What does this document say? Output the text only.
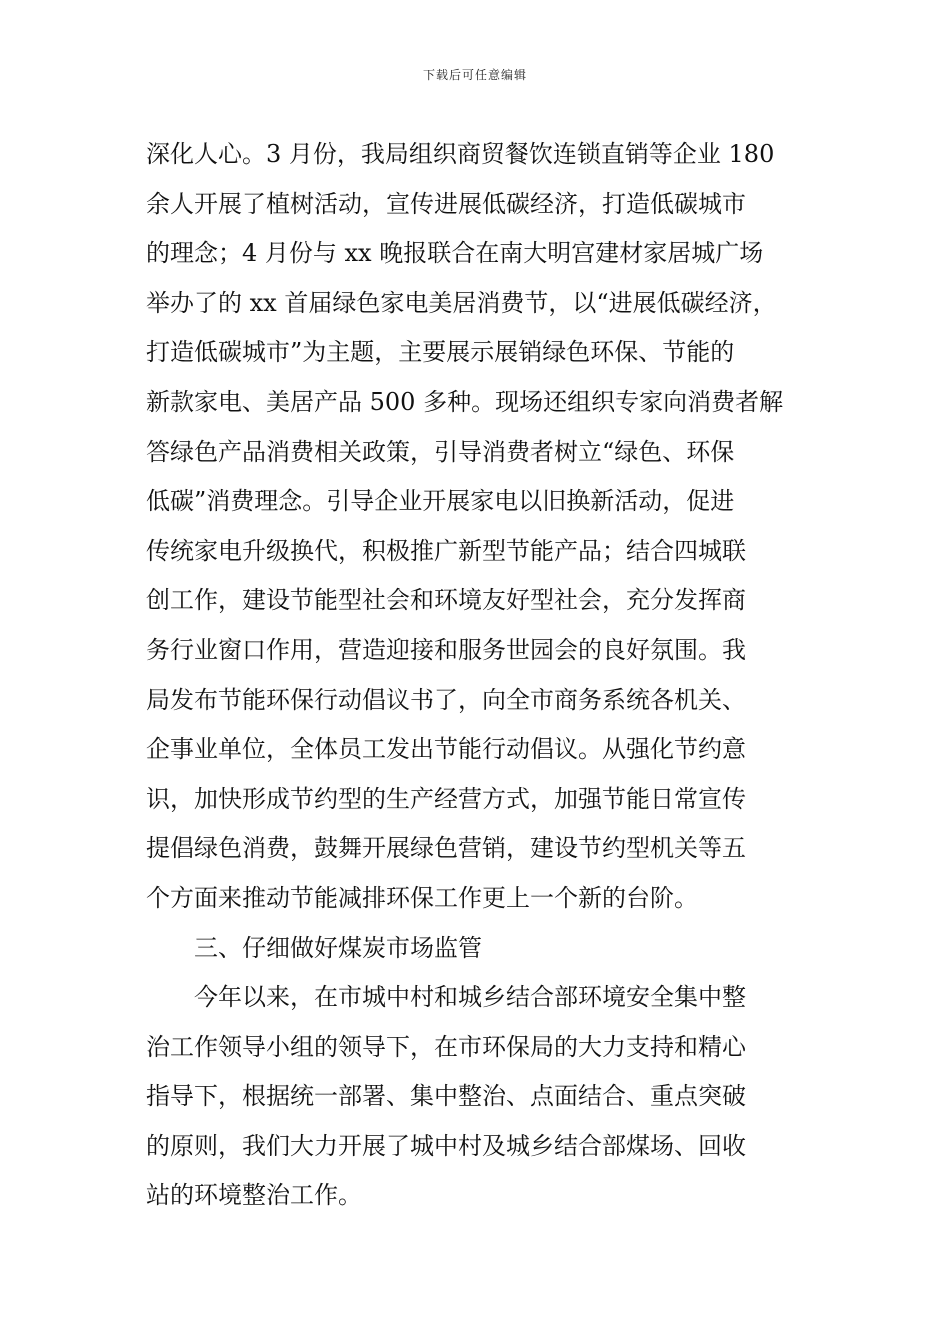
下载后可任意编辑
深化人心。3 月份，我局组织商贸餐饮连锁直销等企业 180
余人开展了植树活动，宣传进展低碳经济，打造低碳城市
的理念；4 月份与 xx 晚报联合在南大明宫建材家居城广场
举办了的 xx 首届绿色家电美居消费节，以“进展低碳经济，
打造低碳城市”为主题，主要展示展销绿色环保、节能的
新款家电、美居产品 500 多种。现场还组织专家向消费者解
答绿色产品消费相关政策，引导消费者树立“绿色、环保
低碳”消费理念。引导企业开展家电以旧换新活动，促进
传统家电升级换代，积极推广新型节能产品；结合四城联
创工作，建设节能型社会和环境友好型社会，充分发挥商
务行业窗口作用，营造迎接和服务世园会的良好氛围。我
局发布节能环保行动倡议书了，向全市商务系统各机关、
企事业单位，全体员工发出节能行动倡议。从强化节约意
识，加快形成节约型的生产经营方式，加强节能日常宣传
提倡绿色消费，鼓舞开展绿色营销，建设节约型机关等五
个方面来推动节能减排环保工作更上一个新的台阶。
三、仔细做好煤炭市场监管
今年以来，在市城中村和城乡结合部环境安全集中整
治工作领导小组的领导下，在市环保局的大力支持和精心
指导下，根据统一部署、集中整治、点面结合、重点突破
的原则，我们大力开展了城中村及城乡结合部煤场、回收
站的环境整治工作。
